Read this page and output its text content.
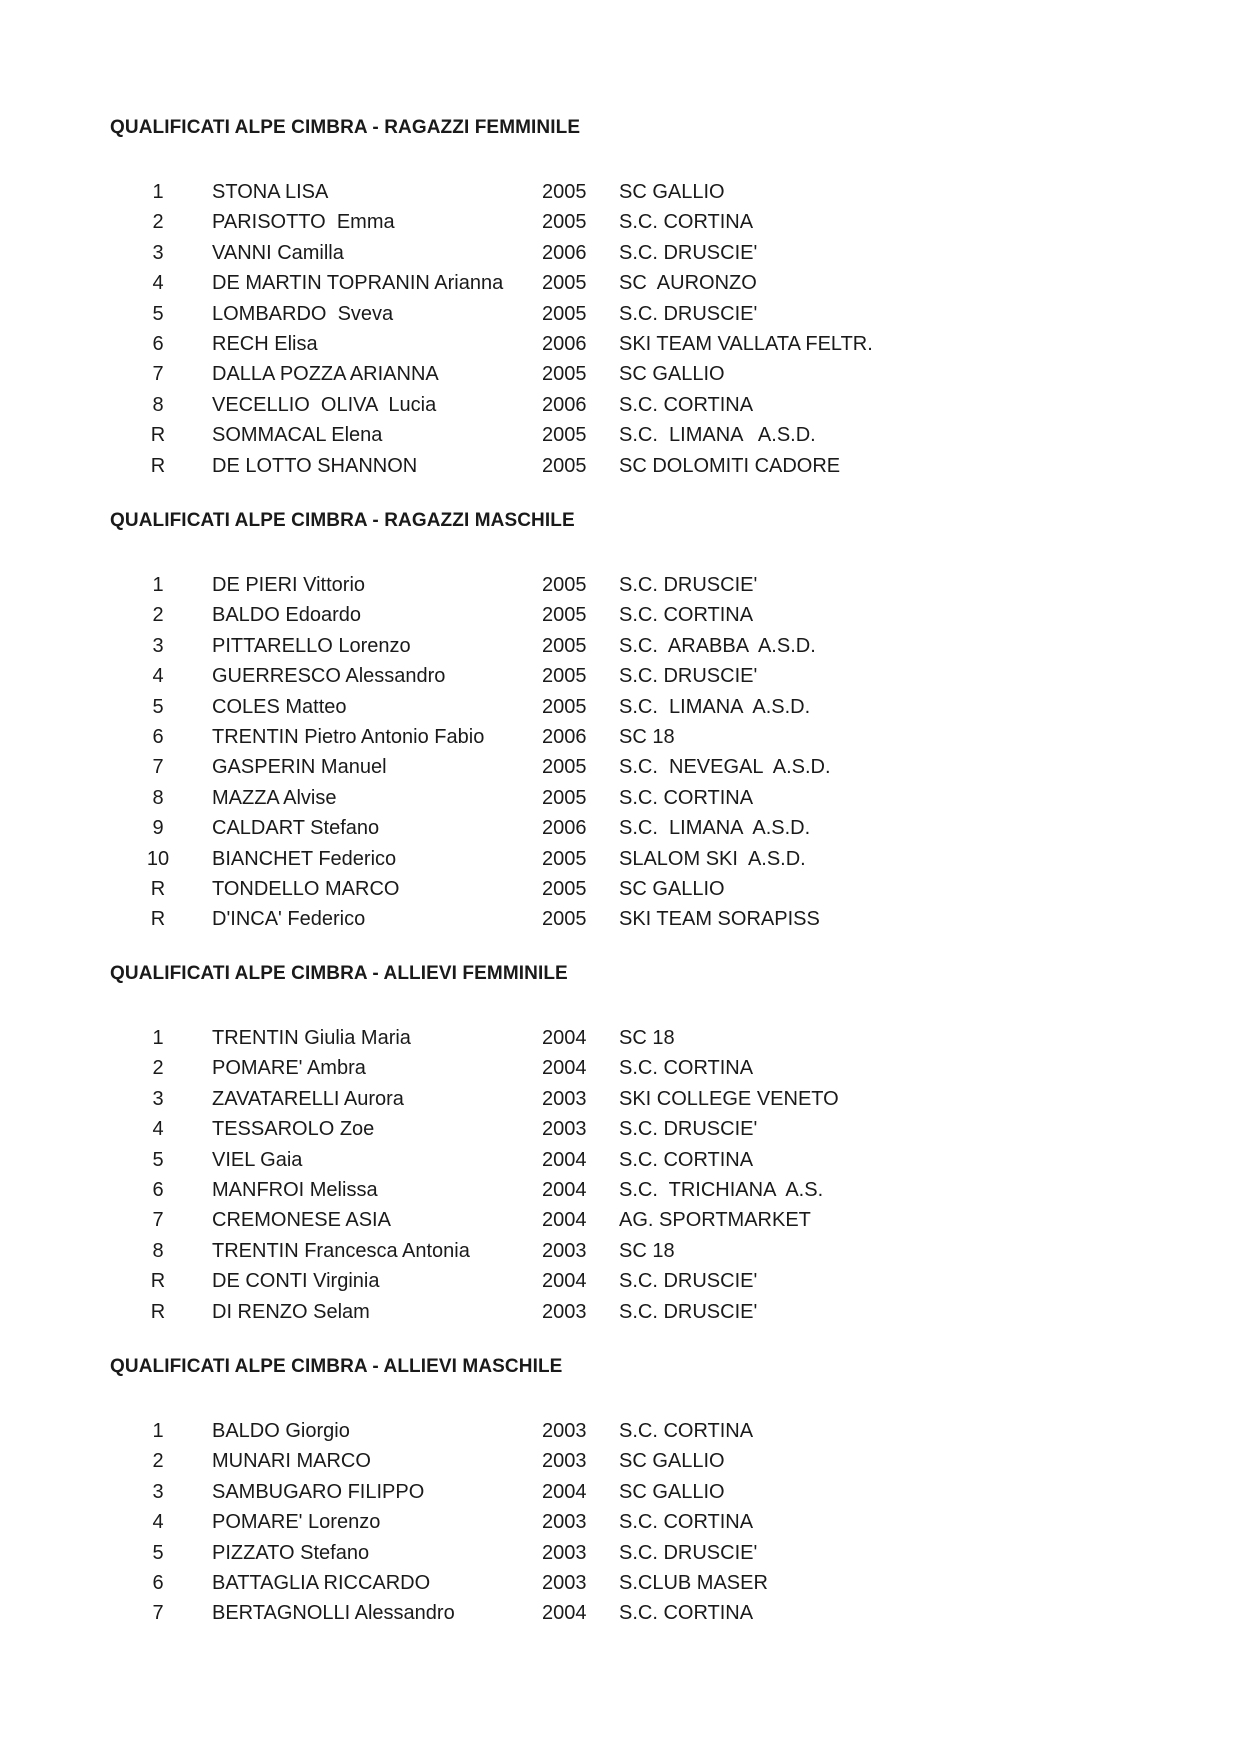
QUALIFICATI ALPE CIMBRA - RAGAZZI FEMMINILE
1	STONA LISA	2005 SC GALLIO
2	PARISOTTO  Emma	2005 S.C. CORTINA
3	VANNI Camilla	2006 S.C. DRUSCIE'
4	DE MARTIN TOPRANIN Arianna 2005 SC  AURONZO
5	LOMBARDO  Sveva	2005 S.C. DRUSCIE'
6	RECH Elisa	2006 SKI TEAM VALLATA FELTR.
7	DALLA POZZA ARIANNA	2005 SC GALLIO
8	VECELLIO  OLIVA  Lucia	2006 S.C. CORTINA
R	SOMMACAL Elena	2005 S.C.  LIMANA   A.S.D.
R	DE LOTTO SHANNON	2005 SC DOLOMITI CADORE
QUALIFICATI ALPE CIMBRA - RAGAZZI MASCHILE
1	DE PIERI Vittorio	2005 S.C. DRUSCIE'
2	BALDO Edoardo	2005 S.C. CORTINA
3	PITTARELLO Lorenzo	2005 S.C.  ARABBA  A.S.D.
4	GUERRESCO Alessandro	2005 S.C. DRUSCIE'
5	COLES Matteo	2005 S.C.  LIMANA  A.S.D.
6	TRENTIN Pietro Antonio Fabio	2006 SC 18
7	GASPERIN Manuel	2005 S.C.  NEVEGAL  A.S.D.
8	MAZZA Alvise	2005 S.C. CORTINA
9	CALDART Stefano	2006 S.C.  LIMANA  A.S.D.
10	BIANCHET Federico	2005 SLALOM SKI  A.S.D.
R	TONDELLO MARCO	2005 SC GALLIO
R	D'INCA' Federico	2005 SKI TEAM SORAPISS
QUALIFICATI ALPE CIMBRA - ALLIEVI FEMMINILE
1	TRENTIN Giulia Maria	2004 SC 18
2	POMARE' Ambra	2004 S.C. CORTINA
3	ZAVATARELLI Aurora	2003 SKI COLLEGE VENETO
4	TESSAROLO Zoe	2003 S.C. DRUSCIE'
5	VIEL Gaia	2004 S.C. CORTINA
6	MANFROI Melissa	2004 S.C.  TRICHIANA  A.S.
7	CREMONESE ASIA	2004 AG. SPORTMARKET
8	TRENTIN Francesca Antonia	2003 SC 18
R	DE CONTI Virginia	2004 S.C. DRUSCIE'
R	DI RENZO Selam	2003 S.C. DRUSCIE'
QUALIFICATI ALPE CIMBRA - ALLIEVI MASCHILE
1	BALDO Giorgio	2003 S.C. CORTINA
2	MUNARI MARCO	2003 SC GALLIO
3	SAMBUGARO FILIPPO	2004 SC GALLIO
4	POMARE' Lorenzo	2003 S.C. CORTINA
5	PIZZATO Stefano	2003 S.C. DRUSCIE'
6	BATTAGLIA RICCARDO	2003 S.CLUB MASER
7	BERTAGNOLLI Alessandro	2004 S.C. CORTINA
